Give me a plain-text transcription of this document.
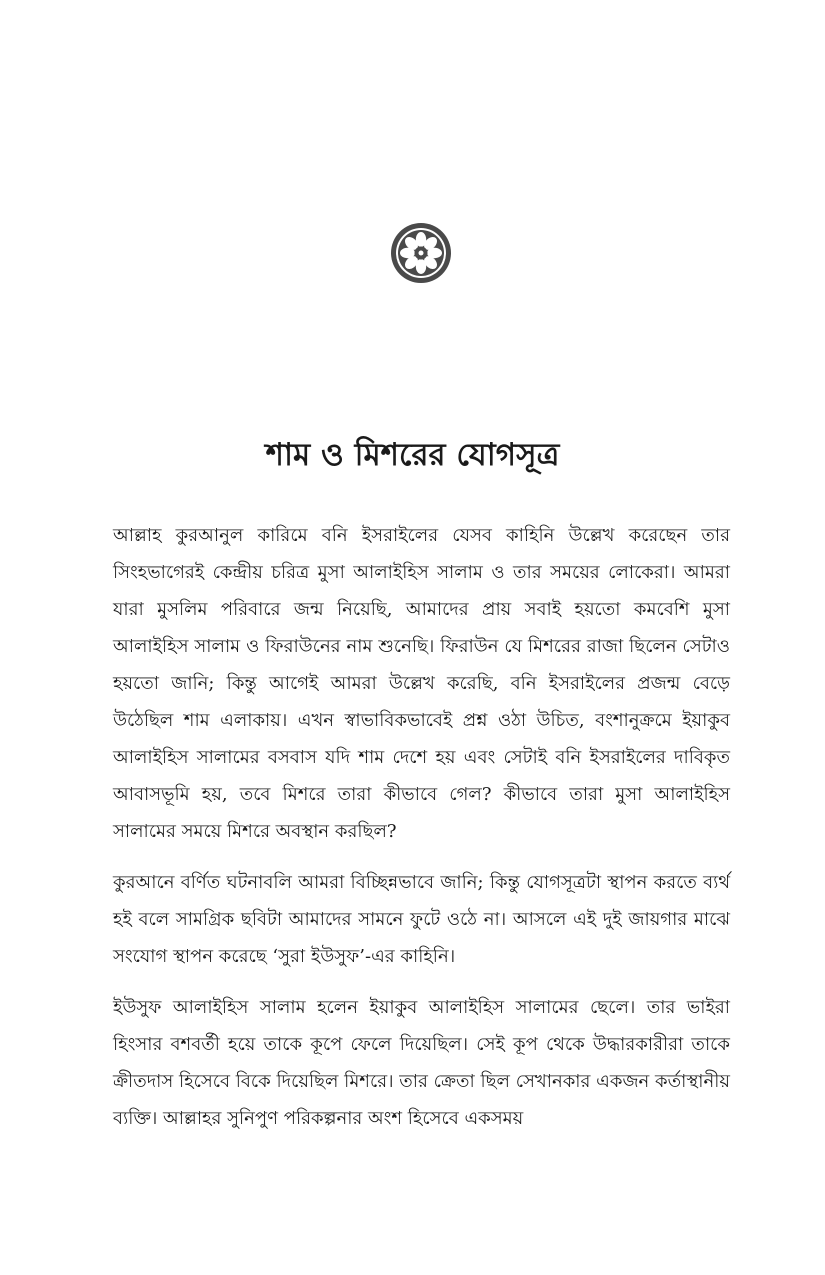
শাম ও মিশরের যোগসূত্র

আল্লাহ কুরআনুল কারিমে বনি ইসরাইলের যেসব কাহিনি উল্লেখ করেছেন তার সিংহভাগেরই কেন্দ্রীয় চরিত্র মুসা আলাইহিস সালাম ও তার সময়ের লোকেরা। আমরা যারা মুসলিম পরিবারে জন্ম নিয়েছি, আমাদের প্রায় সবাই হয়তো কমবেশি মুসা আলাইহিস সালাম ও ফিরাউনের নাম শুনেছি। ফিরাউন যে মিশরের রাজা ছিলেন সেটাও হয়তো জানি; কিন্তু আগেই আমরা উল্লেখ করেছি, বনি ইসরাইলের প্রজন্ম বেড়ে উঠেছিল শাম এলাকায়। এখন স্বাভাবিকভাবেই প্রশ্ন ওঠা উচিত, বংশানুক্রমে ইয়াকুব আলাইহিস সালামের বসবাস যদি শাম দেশে হয় এবং সেটাই বনি ইসরাইলের দাবিকৃত আবাসভূমি হয়, তবে মিশরে তারা কীভাবে গেল? কীভাবে তারা মুসা আলাইহিস সালামের সময়ে মিশরে অবস্থান করছিল?

কুরআনে বর্ণিত ঘটনাবলি আমরা বিচ্ছিন্নভাবে জানি; কিন্তু যোগসূত্রটা স্থাপন করতে ব্যর্থ হই বলে সামগ্রিক ছবিটা আমাদের সামনে ফুটে ওঠে না। আসলে এই দুই জায়গার মাঝে সংযোগ স্থাপন করেছে ‘সুরা ইউসুফ’-এর কাহিনি।

ইউসুফ আলাইহিস সালাম হলেন ইয়াকুব আলাইহিস সালামের ছেলে। তার ভাইরা হিংসার বশবর্তী হয়ে তাকে কূপে ফেলে দিয়েছিল। সেই কূপ থেকে উদ্ধারকারীরা তাকে ক্রীতদাস হিসেবে বিকে দিয়েছিল মিশরে। তার ক্রেতা ছিল সেখানকার একজন কর্তাস্থানীয় ব্যক্তি। আল্লাহর সুনিপুণ পরিকল্পনার অংশ হিসেবে একসময়
